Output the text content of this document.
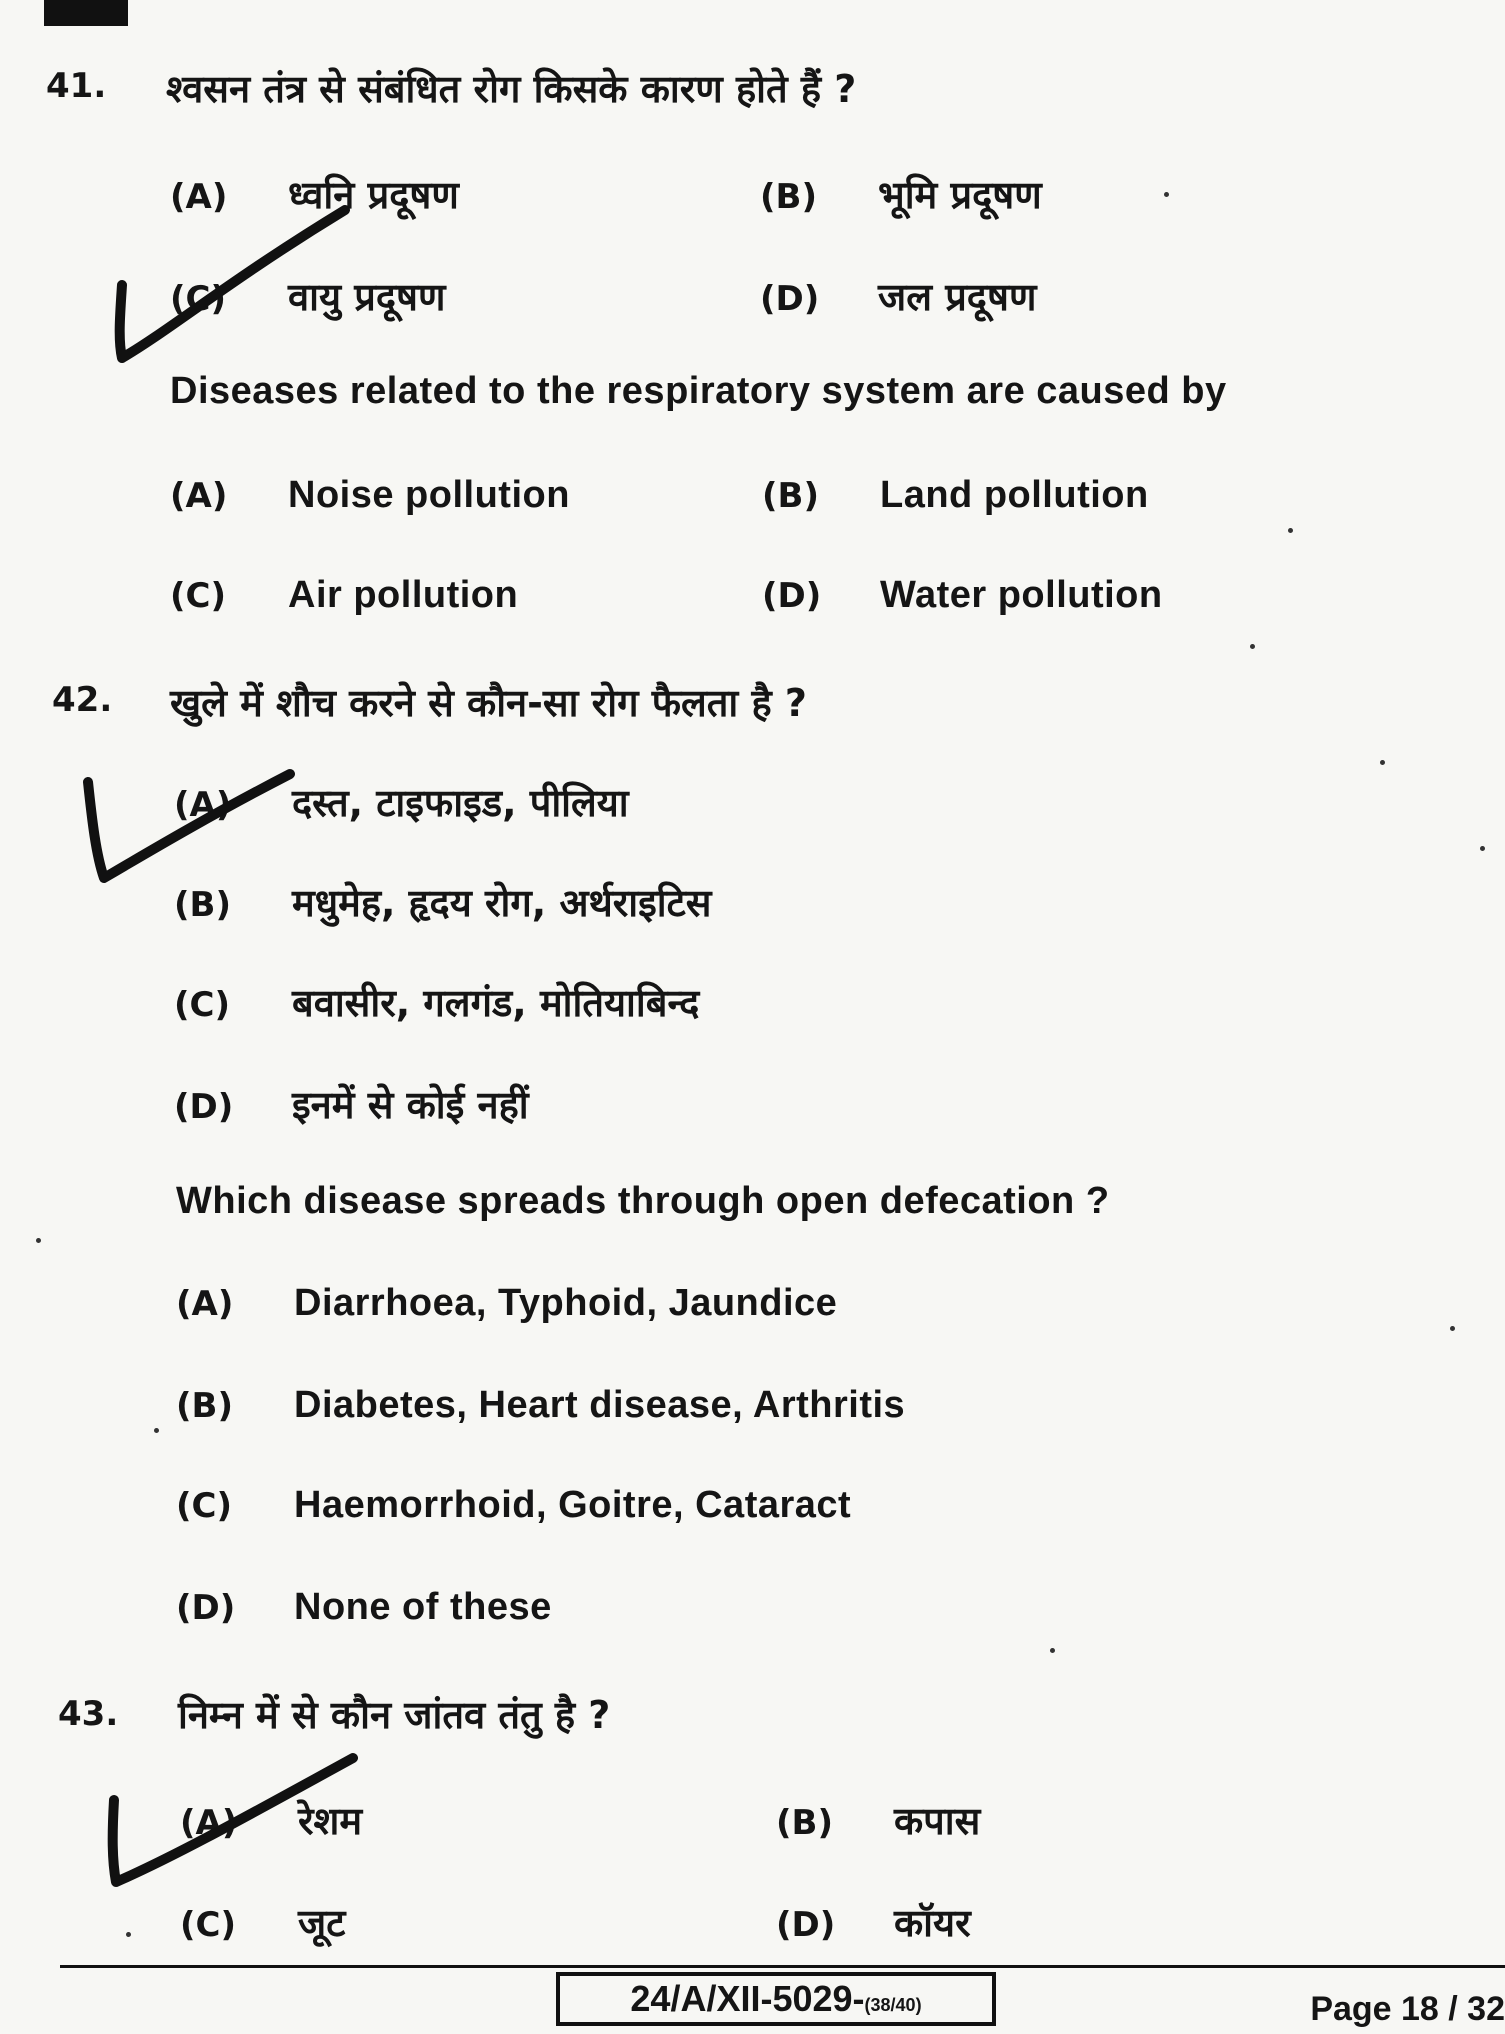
41. श्वसन तंत्र से संबंधित रोग किसके कारण होते हैं ?
(A) ध्वनि प्रदूषण	(B) भूमि प्रदूषण
(C) वायु प्रदूषण	(D) जल प्रदूषण
Diseases related to the respiratory system are caused by
(A) Noise pollution	(B) Land pollution
(C) Air pollution	(D) Water pollution
42. खुले में शौच करने से कौन-सा रोग फैलता है ?
(A) दस्त, टाइफाइड, पीलिया
(B) मधुमेह, हृदय रोग, अर्थराइटिस
(C) बवासीर, गलगंड, मोतियाबिन्द
(D) इनमें से कोई नहीं
Which disease spreads through open defecation ?
(A) Diarrhoea, Typhoid, Jaundice
(B) Diabetes, Heart disease, Arthritis
(C) Haemorrhoid, Goitre, Cataract
(D) None of these
43. निम्न में से कौन जांतव तंतु है ?
(A) रेशम	(B) कपास
(C) जूट	(D) कॉयर
24/A/XII-5029-(38/40)	Page 18 / 32
